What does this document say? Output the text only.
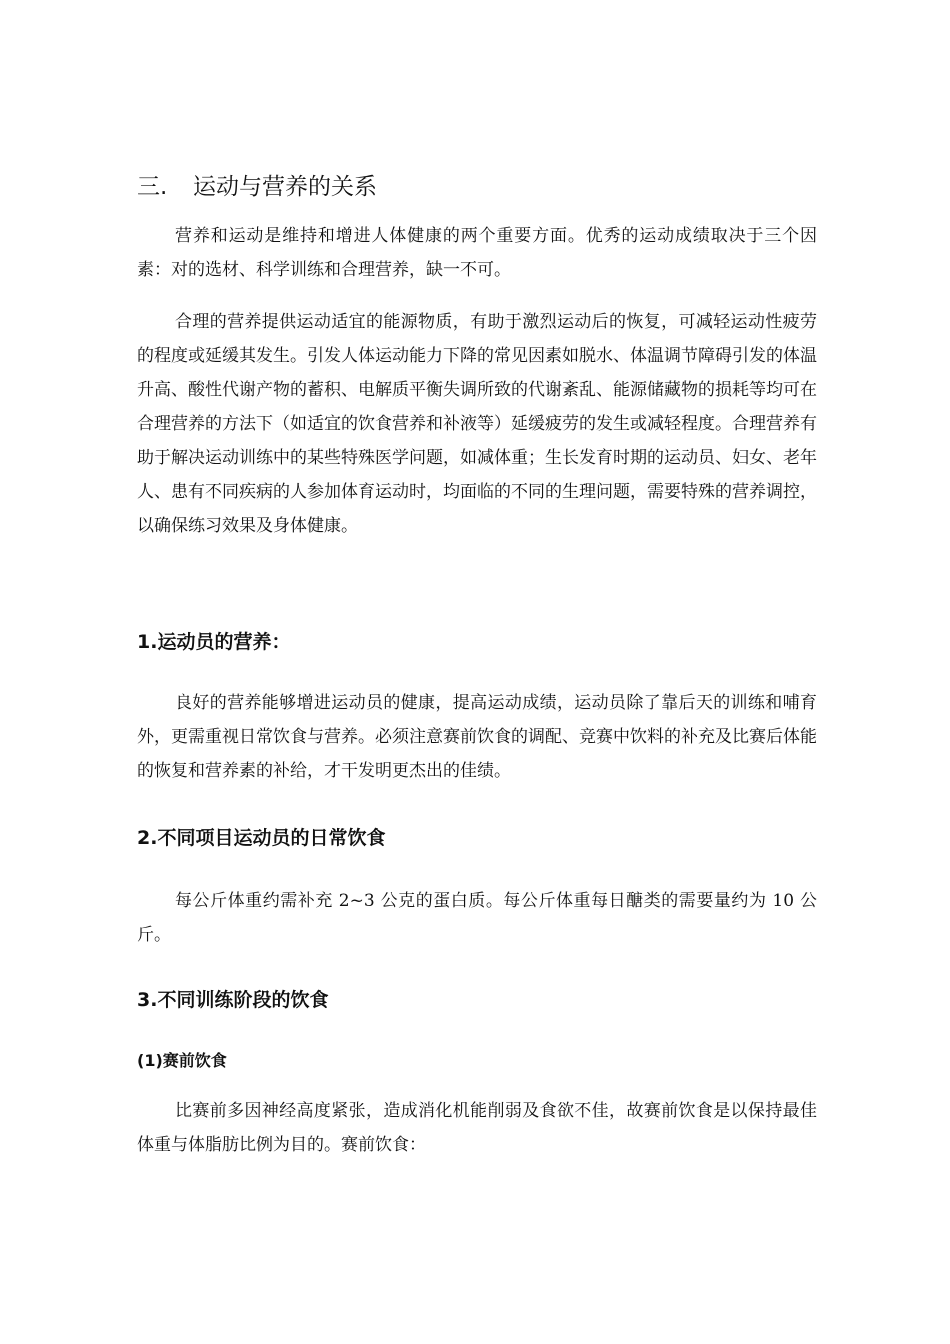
三. 运动与营养的关系

营养和运动是维持和增进人体健康的两个重要方面。优秀的运动成绩取决于三个因素：对的选材、科学训练和合理营养，缺一不可。

合理的营养提供运动适宜的能源物质，有助于激烈运动后的恢复，可减轻运动性疲劳的程度或延缓其发生。引发人体运动能力下降的常见因素如脱水、体温调节障碍引发的体温升高、酸性代谢产物的蓄积、电解质平衡失调所致的代谢紊乱、能源储藏物的损耗等均可在合理营养的方法下（如适宜的饮食营养和补液等）延缓疲劳的发生或减轻程度。合理营养有助于解决运动训练中的某些特殊医学问题，如减体重；生长发育时期的运动员、妇女、老年人、患有不同疾病的人参加体育运动时，均面临的不同的生理问题，需要特殊的营养调控，以确保练习效果及身体健康。

1.运动员的营养：

良好的营养能够增进运动员的健康，提高运动成绩，运动员除了靠后天的训练和哺育外，更需重视日常饮食与营养。必须注意赛前饮食的调配、竞赛中饮料的补充及比赛后体能的恢复和营养素的补给，才干发明更杰出的佳绩。

2.不同项目运动员的日常饮食

每公斤体重约需补充 2~3 公克的蛋白质。每公斤体重每日醣类的需要量约为 10 公斤。

3.不同训练阶段的饮食
(1)赛前饮食

比赛前多因神经高度紧张，造成消化机能削弱及食欲不佳，故赛前饮食是以保持最佳体重与体脂肪比例为目的。赛前饮食：
